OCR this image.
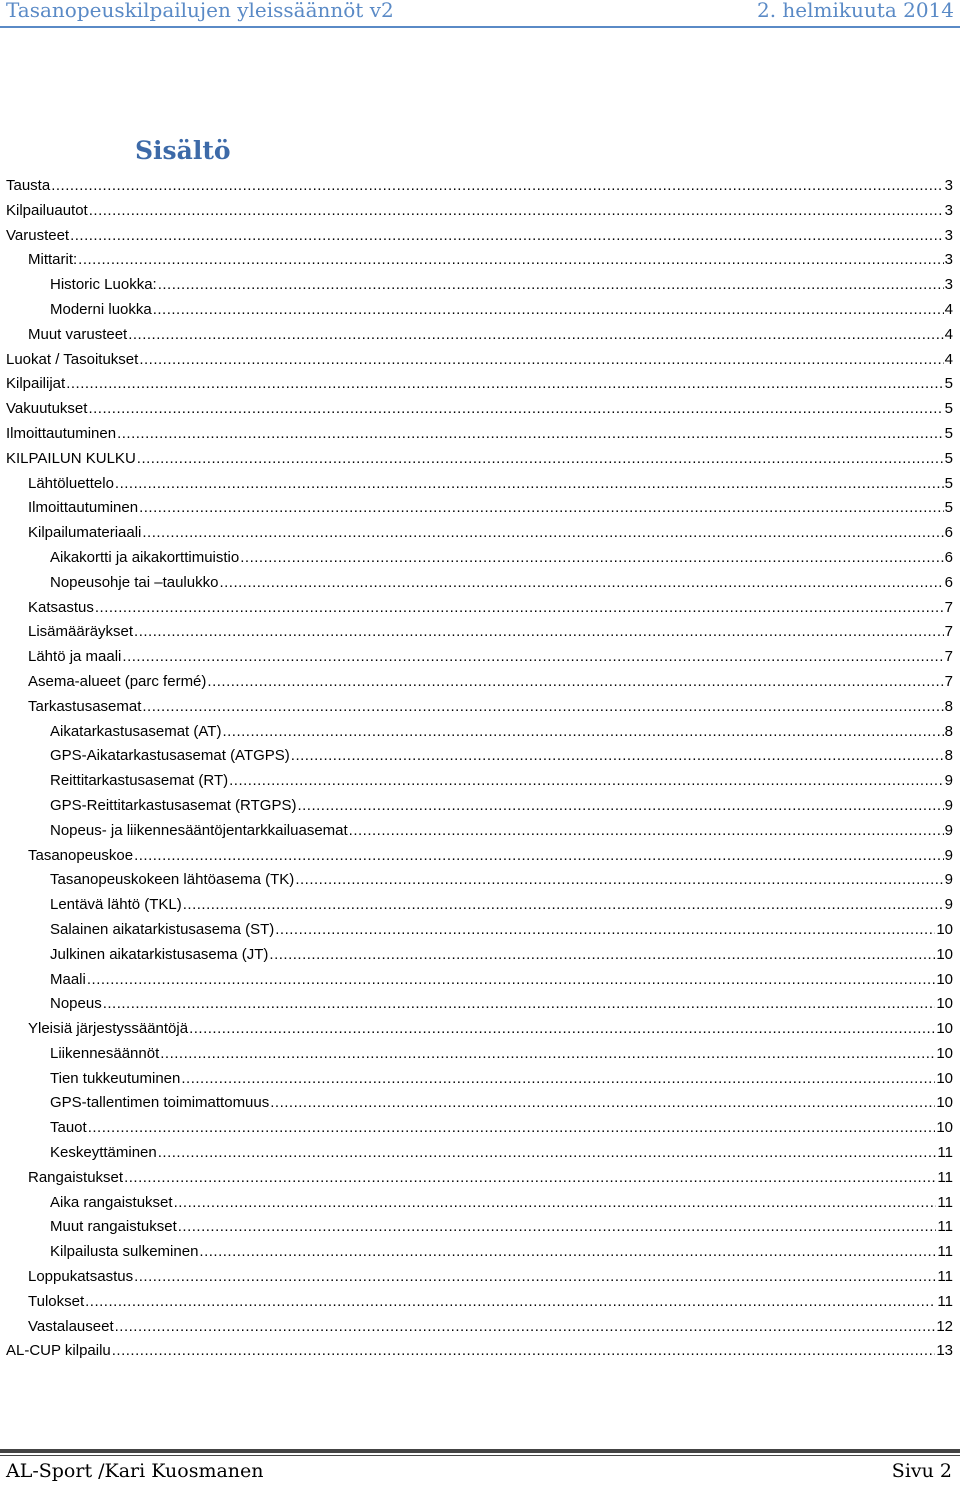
Tasanopeuskilpailujen yleissäännöt v2	2. helmikuuta 2014
Sisältö
Tausta .....	3
Kilpailuautot .....	3
Varusteet .....	3
Mittarit: .....	3
Historic Luokka: .....	3
Moderni luokka .....	4
Muut varusteet .....	4
Luokat / Tasoitukset .....	4
Kilpailijat .....	5
Vakuutukset .....	5
Ilmoittautuminen .....	5
KILPAILUN KULKU .....	5
Lähtöluettelo .....	5
Ilmoittautuminen .....	5
Kilpailumateriaali .....	6
Aikakortti ja aikakorttimuistio .....	6
Nopeusohje tai –taulukko .....	6
Katsastus .....	7
Lisämääräykset .....	7
Lähtö ja maali .....	7
Asema-alueet (parc fermé) .....	7
Tarkastusasemat .....	8
Aikatarkastusasemat (AT) .....	8
GPS-Aikatarkastusasemat (ATGPS) .....	8
Reittitarkastusasemat (RT) .....	9
GPS-Reittitarkastusasemat (RTGPS) .....	9
Nopeus- ja liikennesääntöjentarkkailuasemat .....	9
Tasanopeuskoe .....	9
Tasanopeuskokeen lähtöasema (TK) .....	9
Lentävä lähtö (TKL) .....	9
Salainen aikatarkistusasema (ST) .....	10
Julkinen aikatarkistusasema (JT) .....	10
Maali .....	10
Nopeus .....	10
Yleisiä järjestyssääntöjä .....	10
Liikennesäännöt .....	10
Tien tukkeutuminen .....	10
GPS-tallentimen toimimattomuus .....	10
Tauot .....	10
Keskeyttäminen .....	11
Rangaistukset .....	11
Aika rangaistukset .....	11
Muut rangaistukset .....	11
Kilpailusta sulkeminen .....	11
Loppukatsastus .....	11
Tulokset .....	11
Vastalauseet .....	12
AL-CUP kilpailu .....	13
AL-Sport /Kari Kuosmanen	Sivu 2
